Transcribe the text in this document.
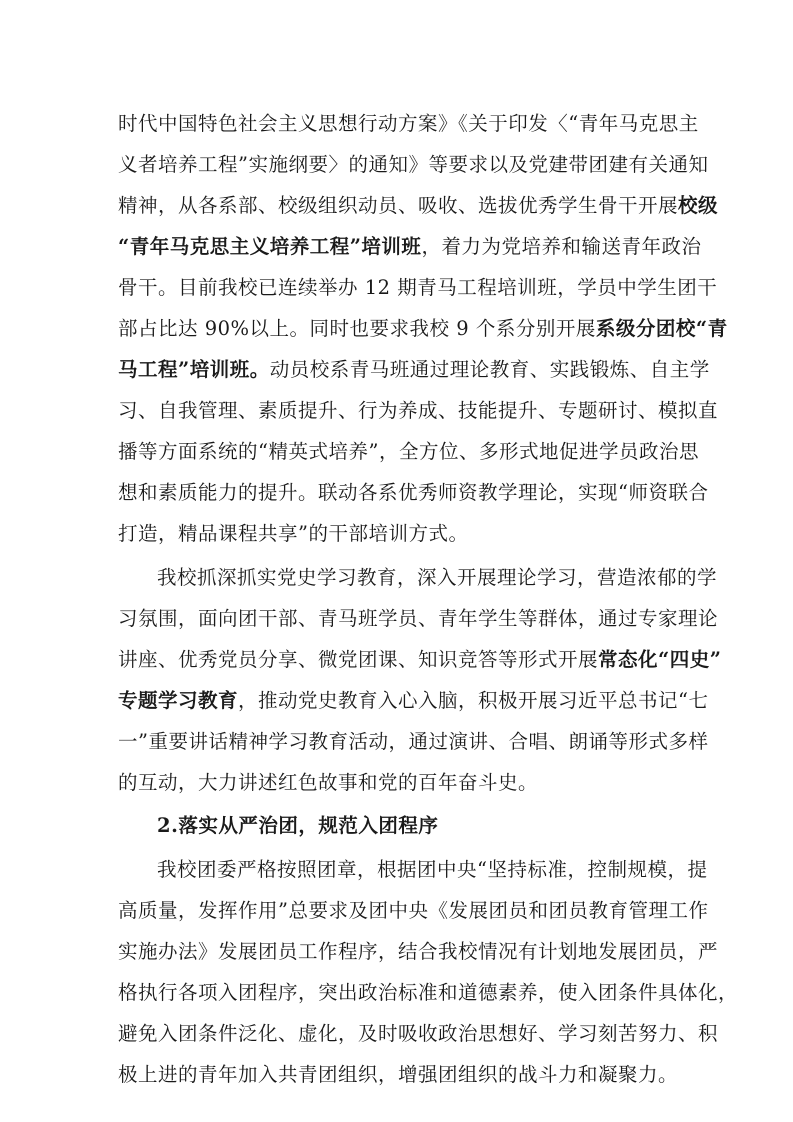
时代中国特色社会主义思想行动方案》《关于印发〈“青年马克思主
义者培养工程”实施纲要〉的通知》等要求以及党建带团建有关通知
精神，从各系部、校级组织动员、吸收、选拔优秀学生骨干开展校级
“青年马克思主义培养工程”培训班，着力为党培养和输送青年政治
骨干。目前我校已连续举办 12 期青马工程培训班，学员中学生团干
部占比达 90%以上。同时也要求我校 9 个系分别开展系级分团校“青
马工程”培训班。动员校系青马班通过理论教育、实践锻炼、自主学
习、自我管理、素质提升、行为养成、技能提升、专题研讨、模拟直
播等方面系统的“精英式培养”，全方位、多形式地促进学员政治思
想和素质能力的提升。联动各系优秀师资教学理论，实现“师资联合
打造，精品课程共享”的干部培训方式。
我校抓深抓实党史学习教育，深入开展理论学习，营造浓郁的学
习氛围，面向团干部、青马班学员、青年学生等群体，通过专家理论
讲座、优秀党员分享、微党团课、知识竞答等形式开展常态化“四史”
专题学习教育，推动党史教育入心入脑，积极开展习近平总书记“七
一”重要讲话精神学习教育活动，通过演讲、合唱、朗诵等形式多样
的互动，大力讲述红色故事和党的百年奋斗史。
2.落实从严治团，规范入团程序
我校团委严格按照团章，根据团中央“坚持标准，控制规模，提
高质量，发挥作用”总要求及团中央《发展团员和团员教育管理工作
实施办法》发展团员工作程序，结合我校情况有计划地发展团员，严
格执行各项入团程序，突出政治标准和道德素养，使入团条件具体化，
避免入团条件泛化、虚化，及时吸收政治思想好、学习刻苦努力、积
极上进的青年加入共青团组织，增强团组织的战斗力和凝聚力。
